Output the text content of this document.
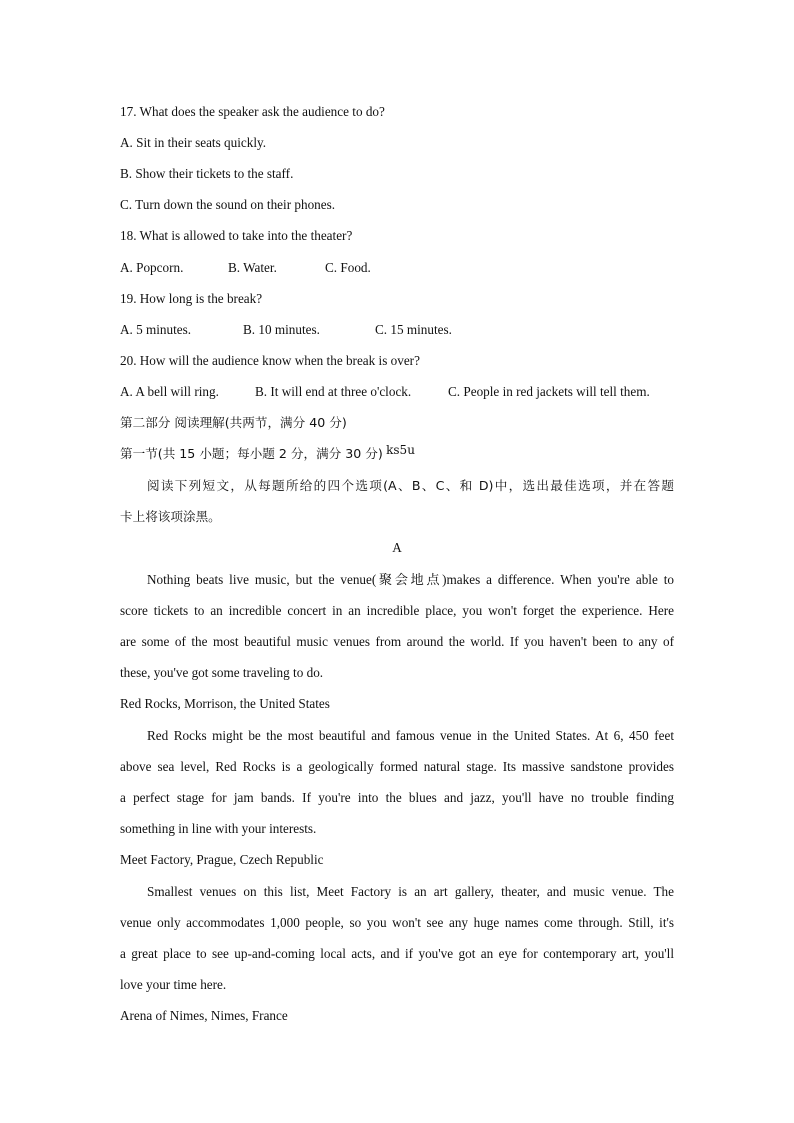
17. What does the speaker ask the audience to do?
A. Sit in their seats quickly.
B. Show their tickets to the staff.
C. Turn down the sound on their phones.
18. What is allowed to take into the theater?
A. Popcorn.	B. Water.	C. Food.
19. How long is the break?
A. 5 minutes.	B. 10 minutes.	C. 15 minutes.
20. How will the audience know when the break is over?
A. A bell will ring.	B. It will end at three o'clock.	C. People in red jackets will tell them.
第二部分 阅读理解(共两节，满分 40 分)
第一节(共 15 小题；每小题 2 分，满分 30 分) ks5u
阅读下列短文，从每题所给的四个选项(A、B、C、和 D)中，选出最佳选项，并在答题
卡上将该项涂黑。
A
Nothing beats live music, but the venue(聚会地点)makes a difference. When you're able to
score tickets to an incredible concert in an incredible place, you won't forget the experience. Here
are some of the most beautiful music venues from around the world. If you haven't been to any of
these, you've got some traveling to do.
Red Rocks, Morrison, the United States
Red Rocks might be the most beautiful and famous venue in the United States. At 6, 450 feet
above sea level, Red Rocks is a geologically formed natural stage. Its massive sandstone provides
a perfect stage for jam bands. If you're into the blues and jazz, you'll have no trouble finding
something in line with your interests.
Meet Factory, Prague, Czech Republic
Smallest venues on this list, Meet Factory is an art gallery, theater, and music venue. The
venue only accommodates 1,000 people, so you won't see any huge names come through. Still, it's
a great place to see up-and-coming local acts, and if you've got an eye for contemporary art, you'll
love your time here.
Arena of Nimes, Nimes, France
